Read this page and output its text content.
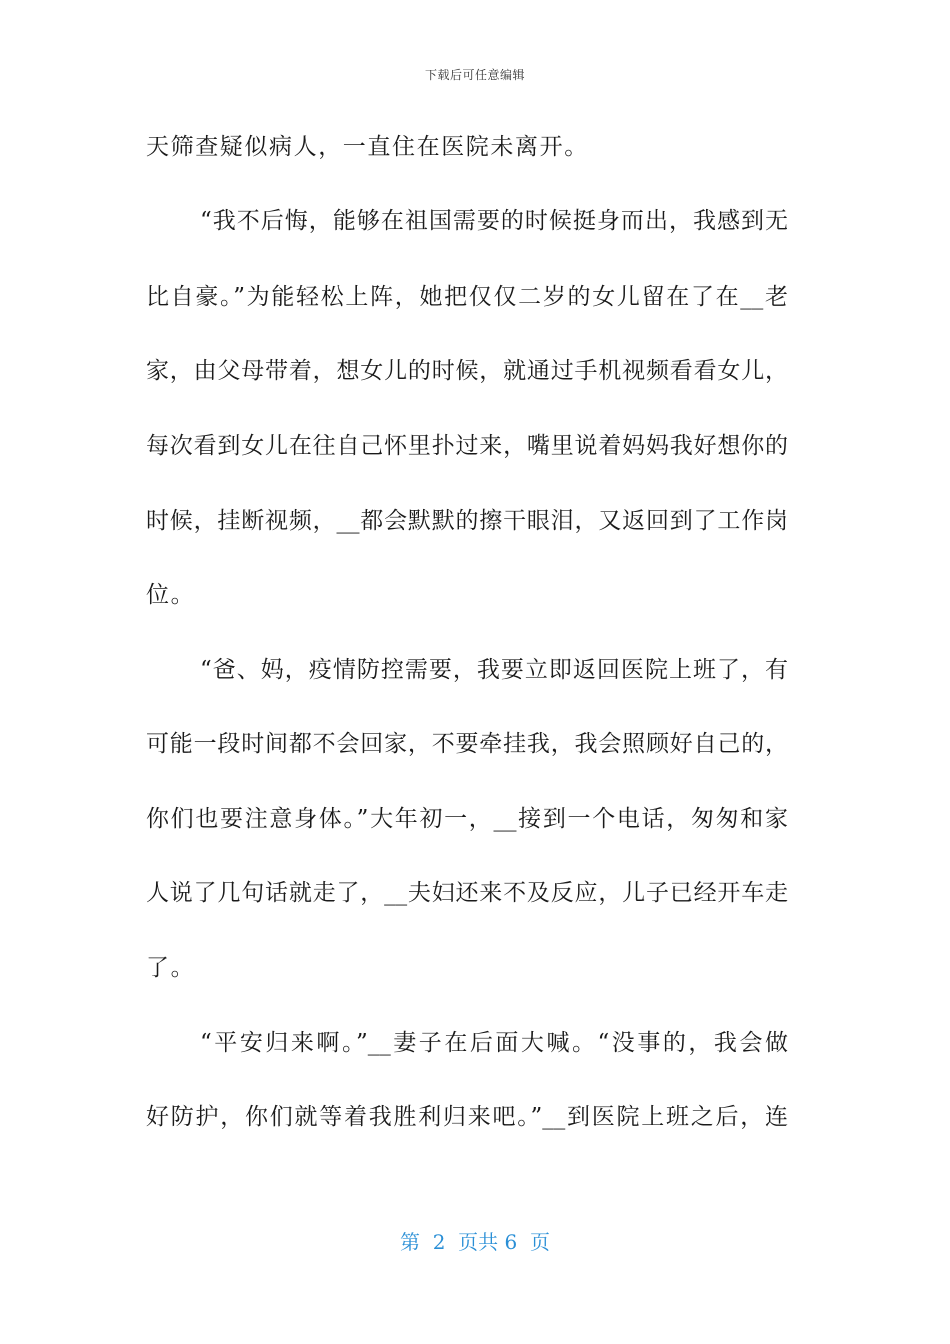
下载后可任意编辑
天筛查疑似病人，一直住在医院未离开。
“我不后悔，能够在祖国需要的时候挺身而出，我感到无
比自豪。”为能轻松上阵，她把仅仅二岁的女儿留在了在__老
家，由父母带着，想女儿的时候，就通过手机视频看看女儿，
每次看到女儿在往自己怀里扑过来，嘴里说着妈妈我好想你的
时候，挂断视频，__都会默默的擦干眼泪，又返回到了工作岗
位。
“爸、妈，疫情防控需要，我要立即返回医院上班了，有
可能一段时间都不会回家，不要牵挂我，我会照顾好自己的，
你们也要注意身体。”大年初一，__接到一个电话，匆匆和家
人说了几句话就走了，__夫妇还来不及反应，儿子已经开车走
了。
“平安归来啊。”__妻子在后面大喊。“没事的，我会做
好防护，你们就等着我胜利归来吧。”__到医院上班之后，连
第  2  页共 6  页
